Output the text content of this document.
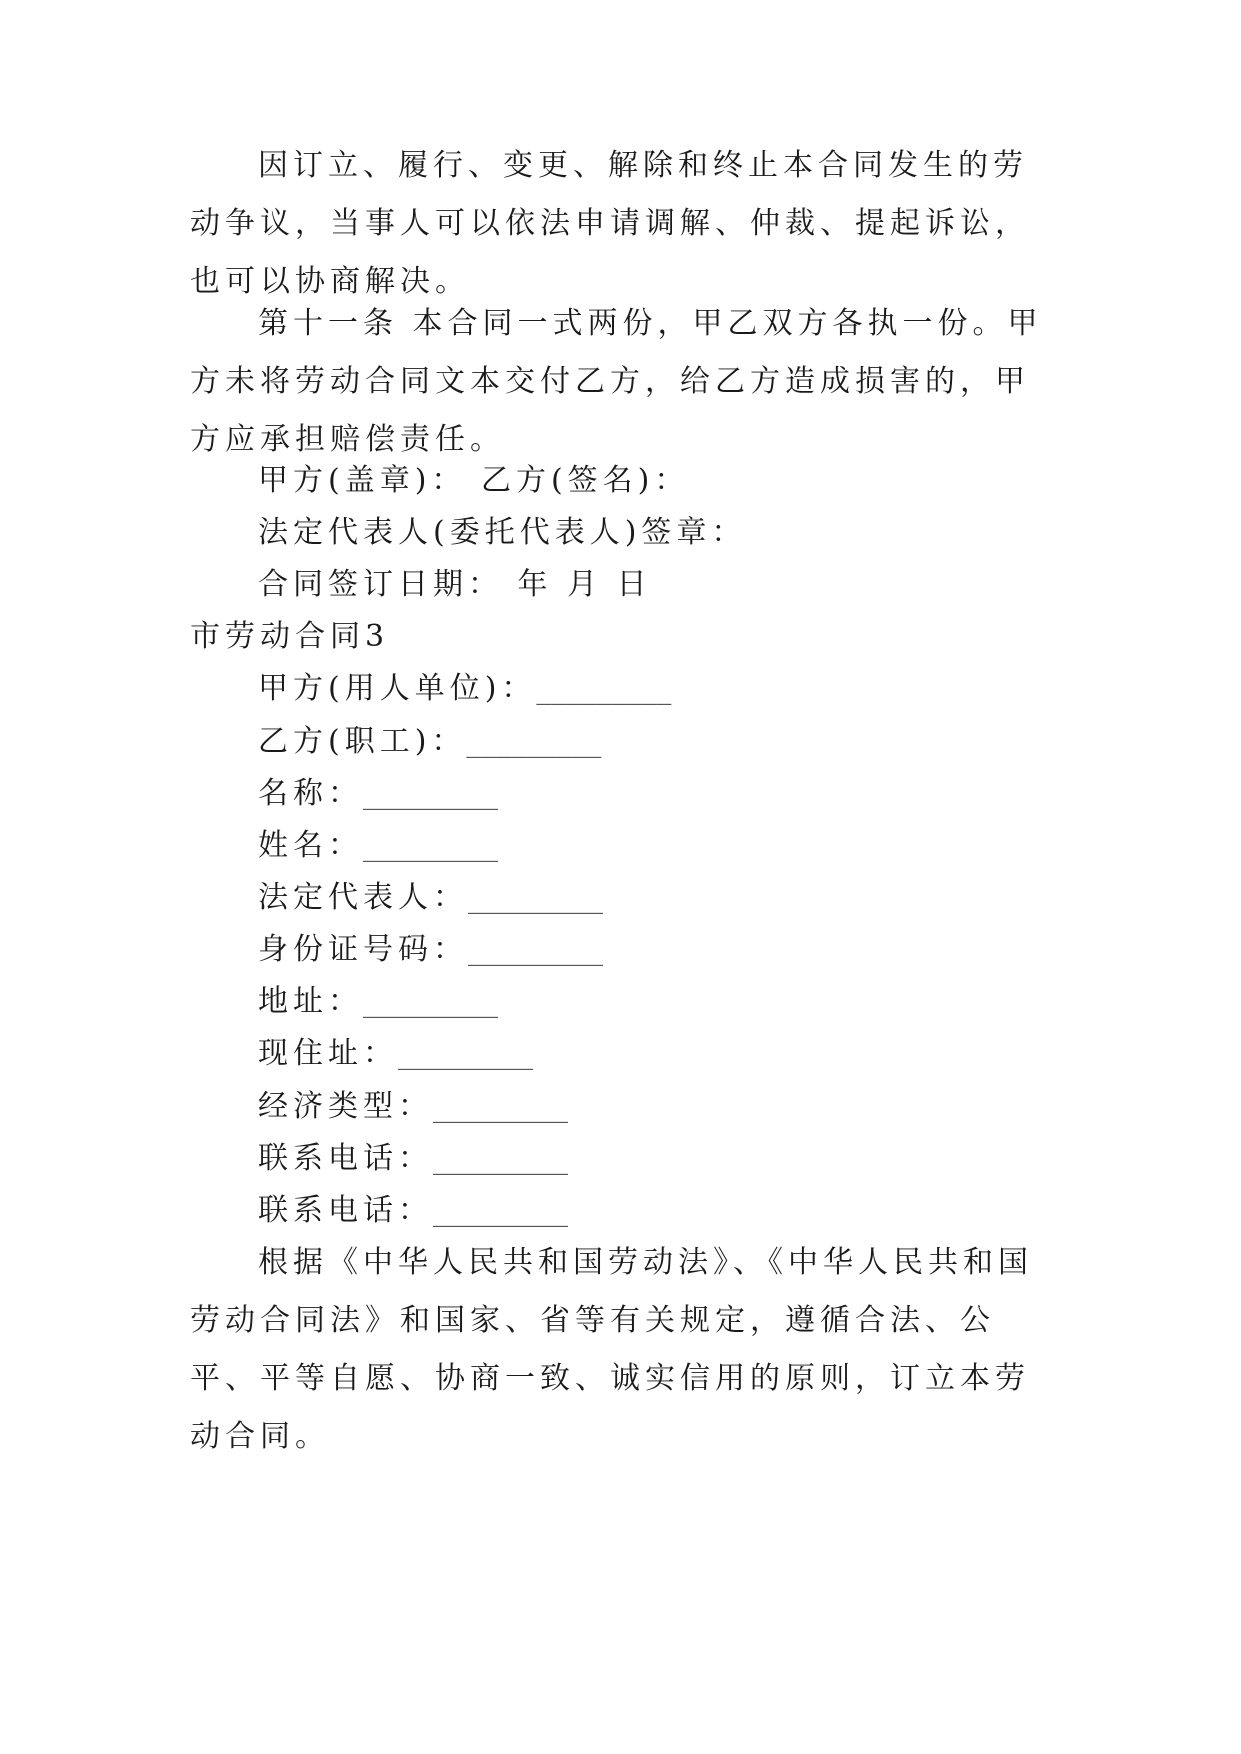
因订立、履行、变更、解除和终止本合同发生的劳动争议，当事人可以依法申请调解、仲裁、提起诉讼，也可以协商解决。

第十一条 本合同一式两份，甲乙双方各执一份。甲方未将劳动合同文本交付乙方，给乙方造成损害的，甲方应承担赔偿责任。

甲方(盖章)： 乙方(签名)：

法定代表人(委托代表人)签章：

合同签订日期： 年 月 日

市劳动合同3

甲方(用人单位)：_________

乙方(职工)：_________

名称：_________

姓名：_________

法定代表人：_________

身份证号码：_________

地址：_________

现住址：_________

经济类型：_________

联系电话：_________

联系电话：_________

根据《中华人民共和国劳动法》、《中华人民共和国劳动合同法》和国家、省等有关规定，遵循合法、公平、平等自愿、协商一致、诚实信用的原则，订立本劳动合同。
